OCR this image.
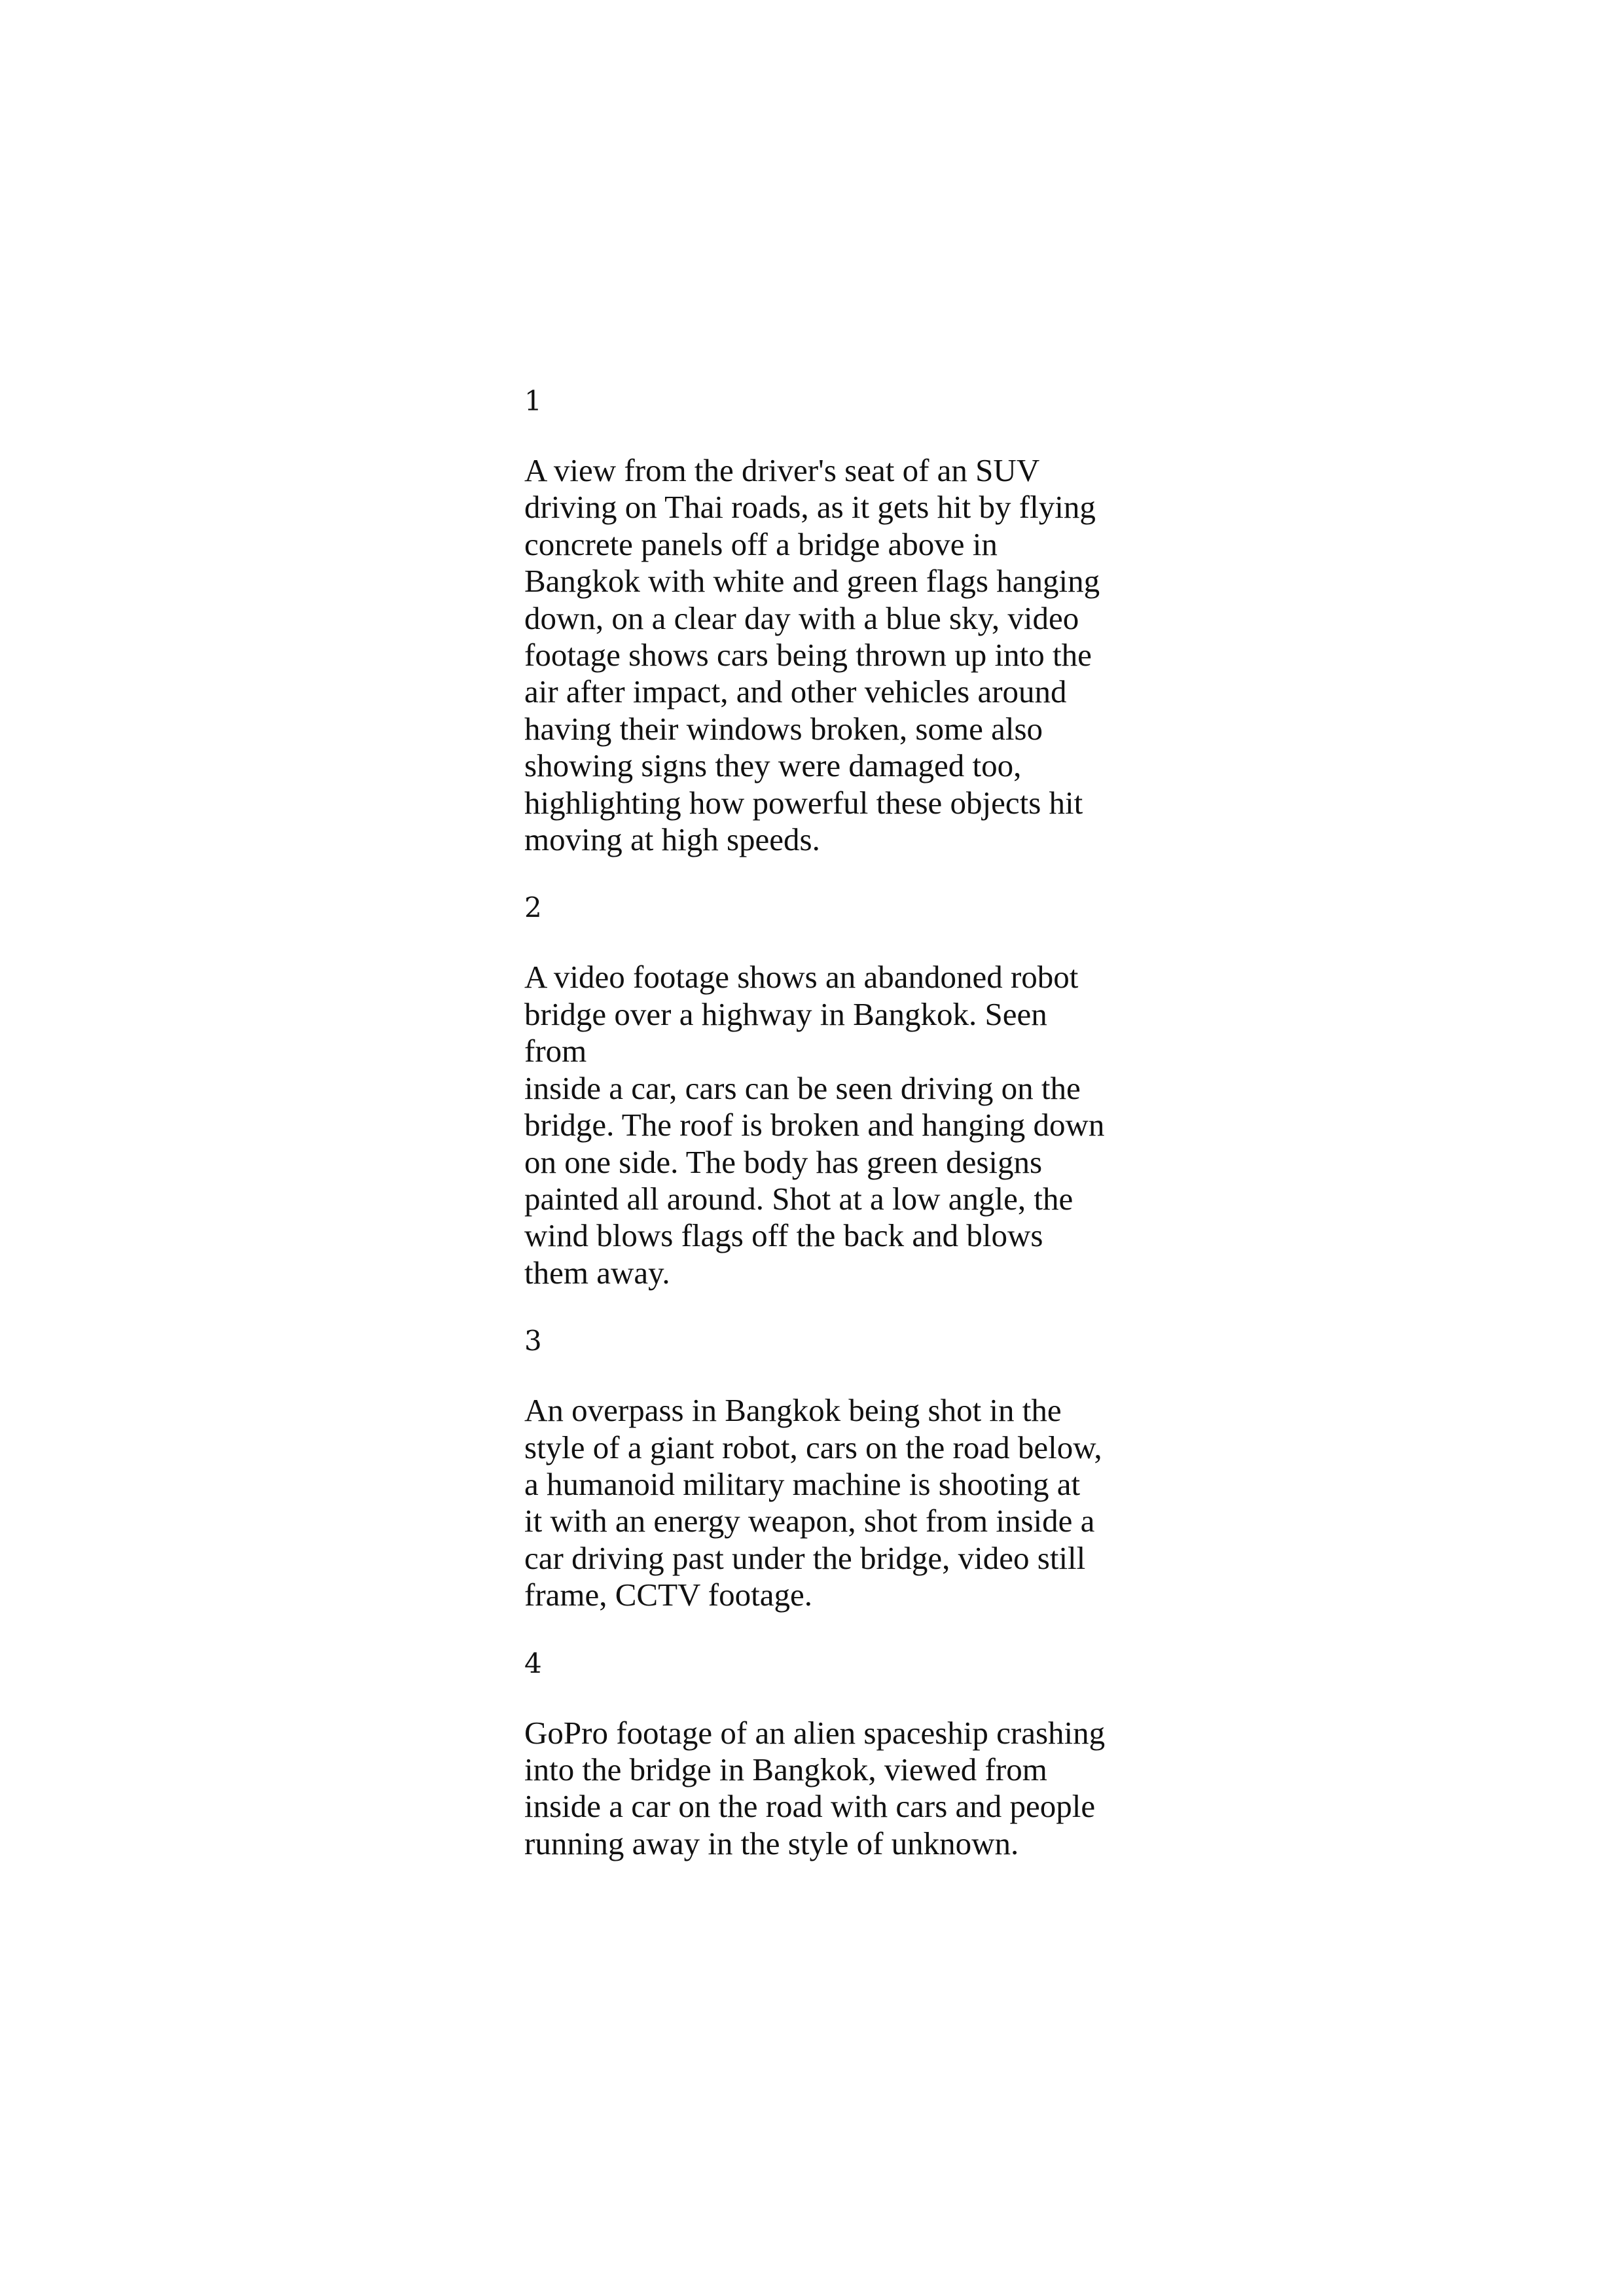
1

A view from the driver's seat of an SUV
driving on Thai roads, as it gets hit by flying
concrete panels off a bridge above in
Bangkok with white and green flags hanging
down, on a clear day with a blue sky, video
footage shows cars being thrown up into the
air after impact, and other vehicles around
having their windows broken, some also
showing signs they were damaged too,
highlighting how powerful these objects hit
moving at high speeds.

2

A video footage shows an abandoned robot
bridge over a highway in Bangkok. Seen from
inside a car, cars can be seen driving on the
bridge. The roof is broken and hanging down
on one side. The body has green designs
painted all around. Shot at a low angle, the
wind blows flags off the back and blows
them away.

3

An overpass in Bangkok being shot in the
style of a giant robot, cars on the road below,
a humanoid military machine is shooting at
it with an energy weapon, shot from inside a
car driving past under the bridge, video still
frame, CCTV footage.

4

GoPro footage of an alien spaceship crashing
into the bridge in Bangkok, viewed from
inside a car on the road with cars and people
running away in the style of unknown.
